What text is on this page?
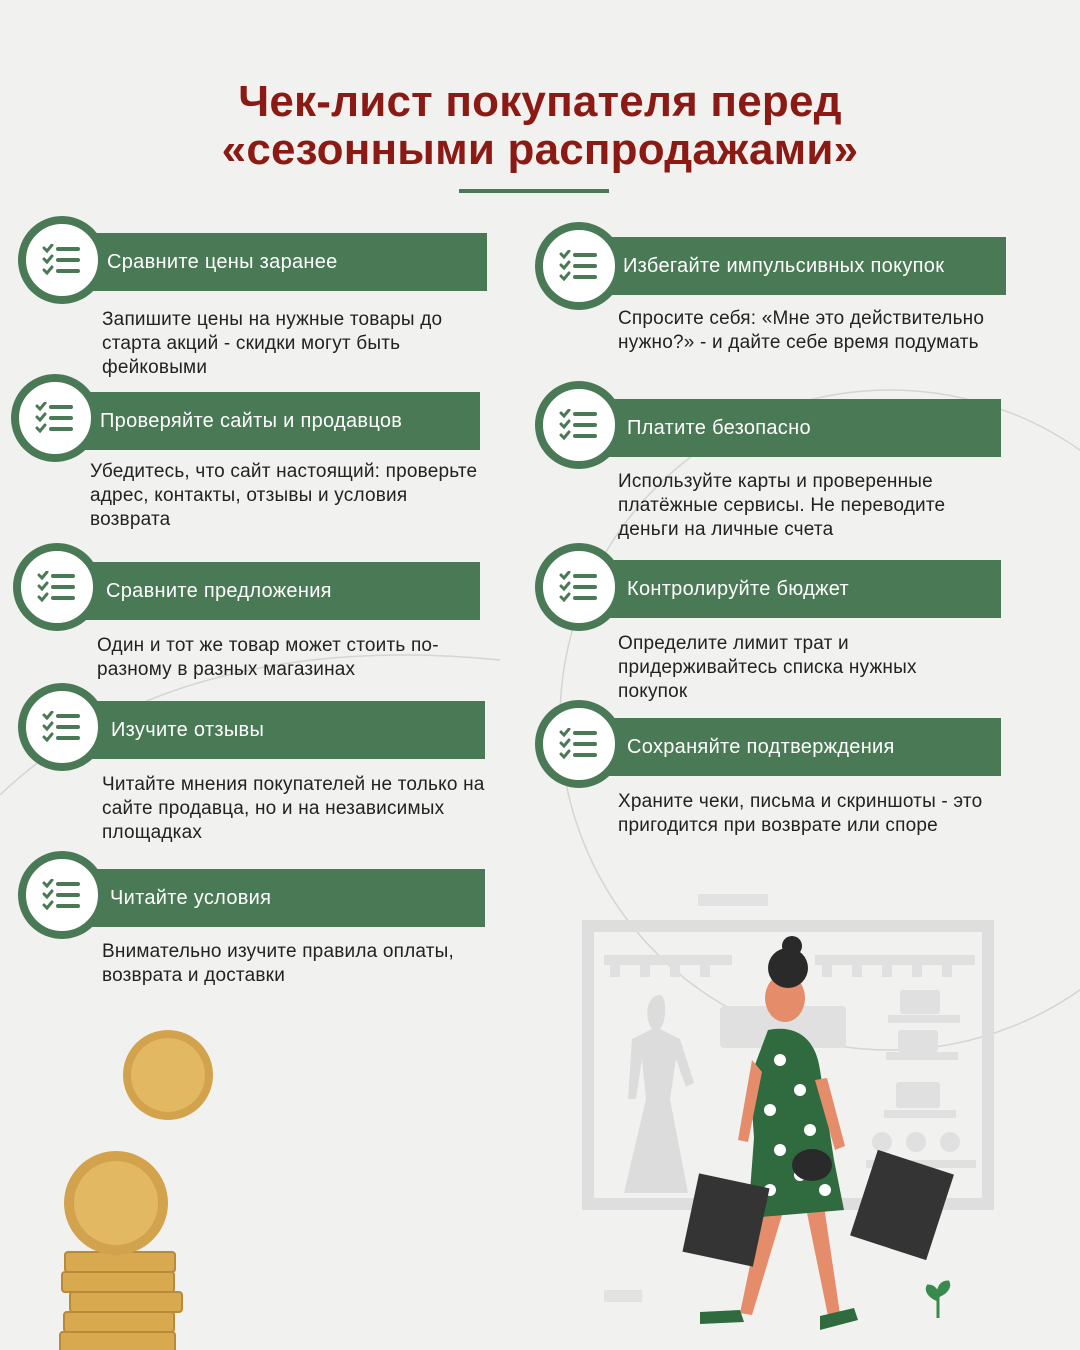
Чек-лист покупателя перед
«сезонными распродажами»
Сравните цены заранее
Запишите цены на нужные товары до старта акций - скидки могут быть фейковыми
Проверяйте сайты и продавцов
Убедитесь, что сайт настоящий: проверьте адрес, контакты, отзывы и условия возврата
Сравните предложения
Один и тот же товар может стоить по-разному в разных магазинах
Изучите отзывы
Читайте мнения покупателей не только на сайте продавца, но и на независимых площадках
Читайте условия
Внимательно изучите правила оплаты, возврата и доставки
Избегайте импульсивных покупок
Спросите себя: «Мне это действительно нужно?» - и дайте себе время подумать
Платите безопасно
Используйте карты и проверенные платёжные сервисы. Не переводите деньги на личные счета
Контролируйте бюджет
Определите лимит трат и придерживайтесь списка нужных покупок
Сохраняйте подтверждения
Храните чеки, письма и скриншоты - это пригодится при возврате или споре
